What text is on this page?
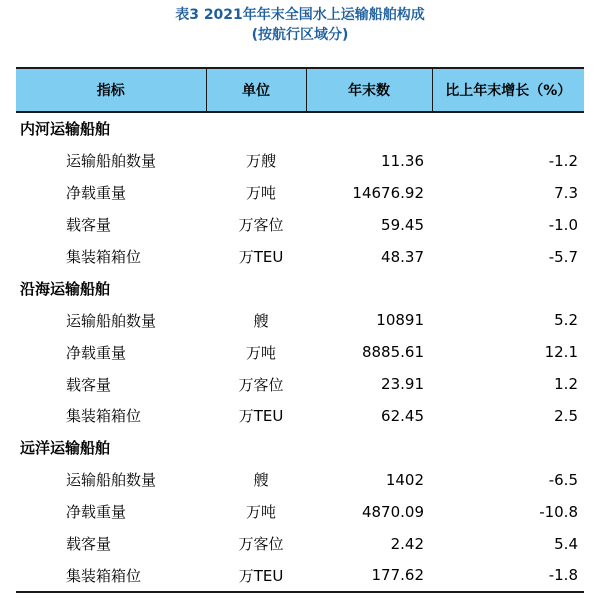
表3 2021年年末全国水上运输船舶构成
(按航行区域分)
指标	单位	年末数	比上年末增长（%）
内河运输船舶			
运输船舶数量	万艘	11.36	-1.2
净载重量	万吨	14676.92	7.3
载客量	万客位	59.45	-1.0
集装箱箱位	万TEU	48.37	-5.7
沿海运输船舶			
运输船舶数量	艘	10891	5.2
净载重量	万吨	8885.61	12.1
载客量	万客位	23.91	1.2
集装箱箱位	万TEU	62.45	2.5
远洋运输船舶			
运输船舶数量	艘	1402	-6.5
净载重量	万吨	4870.09	-10.8
载客量	万客位	2.42	5.4
集装箱箱位	万TEU	177.62	-1.8
